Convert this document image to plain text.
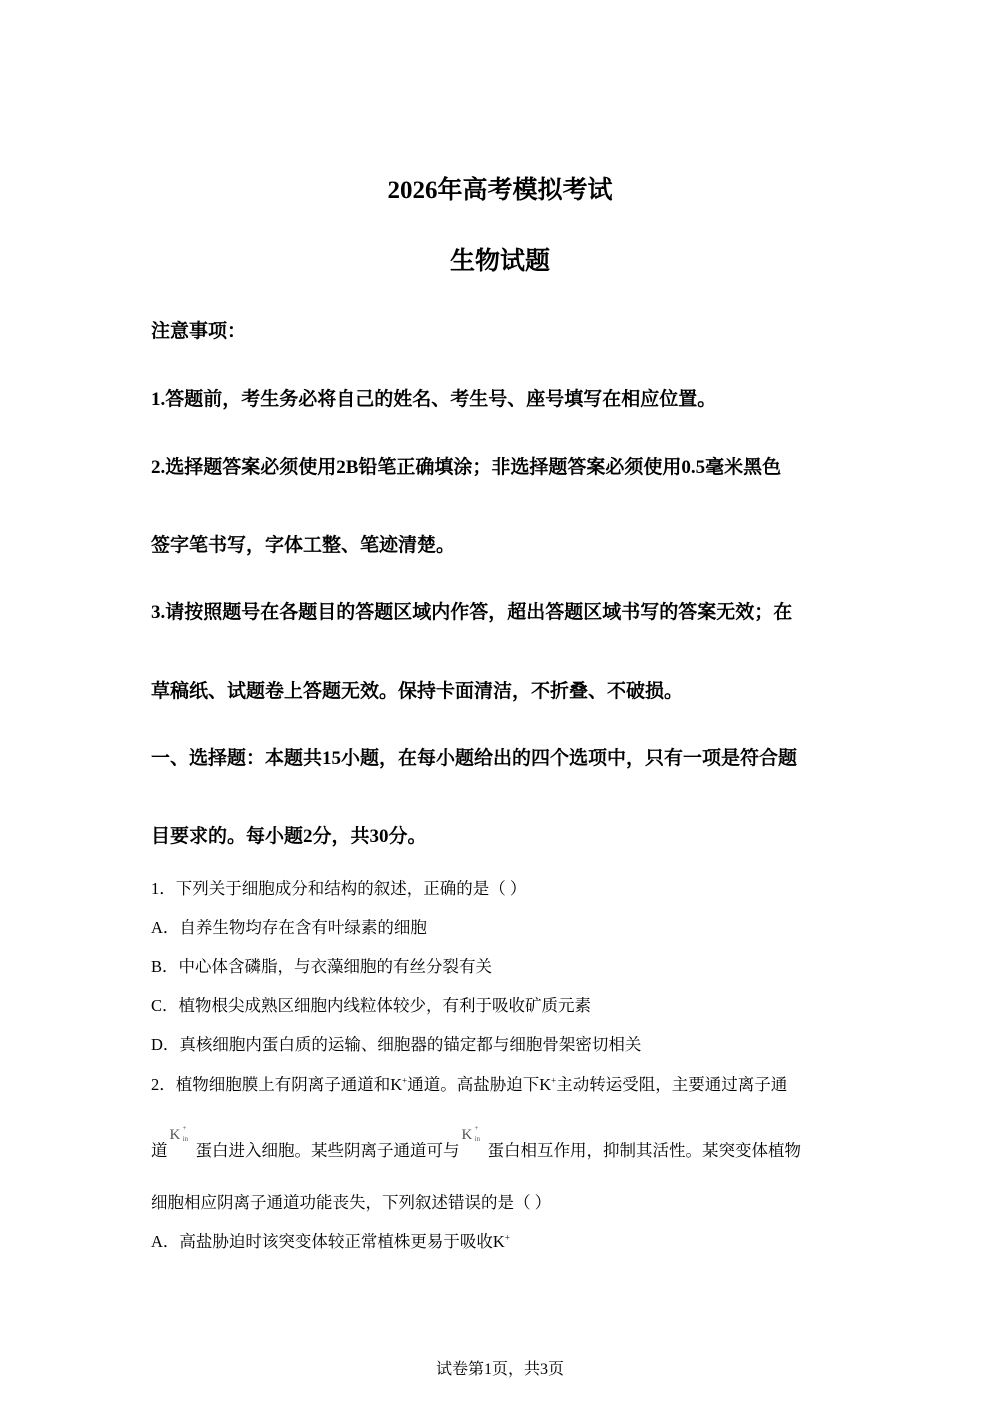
2026年高考模拟考试
生物试题
注意事项：
1.答题前，考生务必将自己的姓名、考生号、座号填写在相应位置。
2.选择题答案必须使用2B铅笔正确填涂；非选择题答案必须使用0.5毫米黑色
签字笔书写，字体工整、笔迹清楚。
3.请按照题号在各题目的答题区域内作答，超出答题区域书写的答案无效；在
草稿纸、试题卷上答题无效。保持卡面清洁，不折叠、不破损。
一、选择题：本题共15小题，在每小题给出的四个选项中，只有一项是符合题
目要求的。每小题2分，共30分。
1．下列关于细胞成分和结构的叙述，正确的是（ ）
A．自养生物均存在含有叶绿素的细胞
B．中心体含磷脂，与衣藻细胞的有丝分裂有关
C．植物根尖成熟区细胞内线粒体较少，有利于吸收矿质元素
D．真核细胞内蛋白质的运输、细胞器的锚定都与细胞骨架密切相关
2．植物细胞膜上有阴离子通道和K+通道。高盐胁迫下K+主动转运受阻，主要通过离子通
道
K +
in
蛋白进入细胞。某些阴离子通道可与
K +
in
蛋白相互作用，抑制其活性。某突变体植物
细胞相应阴离子通道功能丧失，下列叙述错误的是（ ）
A．高盐胁迫时该突变体较正常植株更易于吸收K+
试卷第1页，共3页
